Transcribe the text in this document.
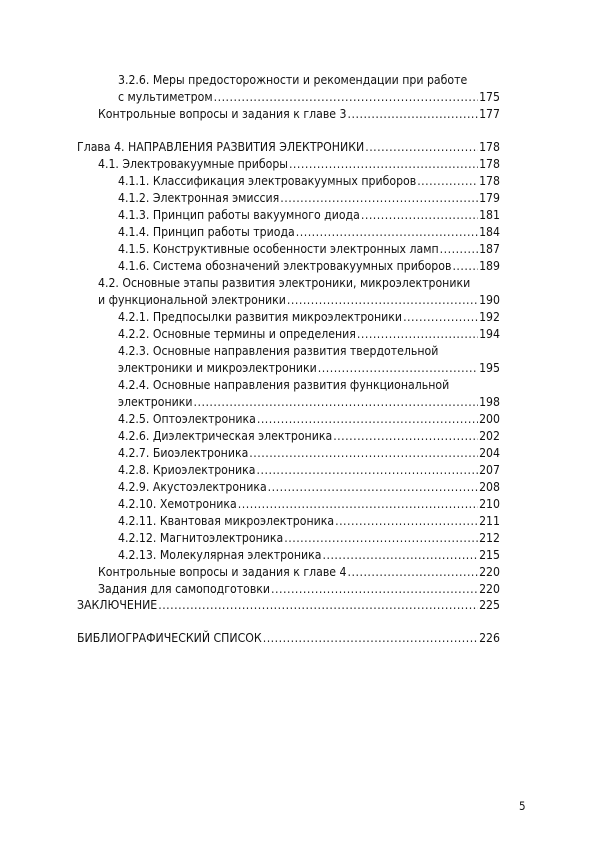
3.2.6. Меры предосторожности и рекомендации при работе
с мультиметром .....	175
Контрольные вопросы и задания к главе 3 .....	177
Глава 4. НАПРАВЛЕНИЯ РАЗВИТИЯ ЭЛЕКТРОНИКИ .....	178
4.1. Электровакуумные приборы .....	178
4.1.1. Классификация электровакуумных приборов .....	178
4.1.2. Электронная эмиссия .....	179
4.1.3. Принцип работы вакуумного диода .....	181
4.1.4. Принцип работы триода .....	184
4.1.5. Конструктивные особенности электронных ламп .....	187
4.1.6. Система обозначений электровакуумных приборов ..... 189
4.2. Основные этапы развития электроники, микроэлектроники
и функциональной электроники .....	190
4.2.1. Предпосылки развития микроэлектроники .....	192
4.2.2. Основные термины и определения .....	194
4.2.3. Основные направления развития твердотельной
электроники и микроэлектроники .....	195
4.2.4. Основные направления развития функциональной
электроники .....	198
4.2.5. Оптоэлектроника .....	200
4.2.6. Диэлектрическая электроника .....	202
4.2.7. Биоэлектроника .....	204
4.2.8. Криоэлектроника .....	207
4.2.9. Акустоэлектроника .....	208
4.2.10. Хемотроника .....	210
4.2.11. Квантовая микроэлектроника .....	211
4.2.12. Магнитоэлектроника .....	212
4.2.13. Молекулярная электроника .....	215
Контрольные вопросы и задания к главе 4 .....	220
Задания для самоподготовки .....	220
ЗАКЛЮЧЕНИЕ .....	225
БИБЛИОГРАФИЧЕСКИЙ СПИСОК .....	226
5
